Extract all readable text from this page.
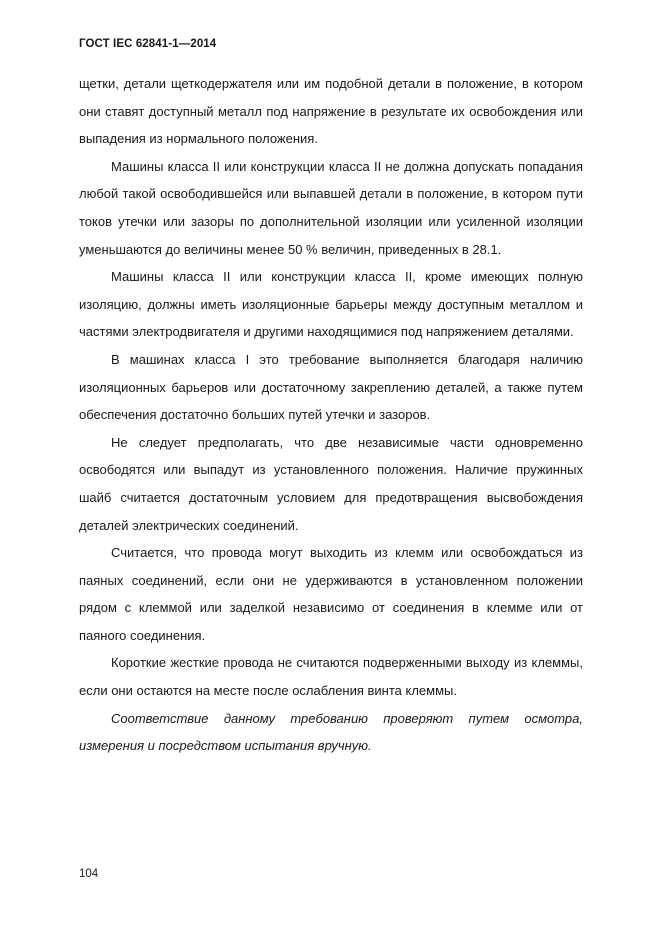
ГОСТ IEC 62841-1—2014

щетки, детали щеткодержателя или им подобной детали в положение, в котором они ставят доступный металл под напряжение в результате их освобождения или выпадения из нормального положения.

Машины класса II или конструкции класса II не должна допускать попадания любой такой освободившейся или выпавшей детали в положение, в котором пути токов утечки или зазоры по дополнительной изоляции или усиленной изоляции уменьшаются до величины менее 50 % величин, приведенных в 28.1.

Машины класса II или конструкции класса II, кроме имеющих полную изоляцию, должны иметь изоляционные барьеры между доступным металлом и частями электродвигателя и другими находящимися под напряжением деталями.

В машинах класса I это требование выполняется благодаря наличию изоляционных барьеров или достаточному закреплению деталей, а также путем обеспечения достаточно больших путей утечки и зазоров.

Не следует предполагать, что две независимые части одновременно освободятся или выпадут из установленного положения. Наличие пружинных шайб считается достаточным условием для предотвращения высвобождения деталей электрических соединений.

Считается, что провода могут выходить из клемм или освобождаться из паяных соединений, если они не удерживаются в установленном положении рядом с клеммой или заделкой независимо от соединения в клемме или от паяного соединения.

Короткие жесткие провода не считаются подверженными выходу из клеммы, если они остаются на месте после ослабления винта клеммы.

Соответствие данному требованию проверяют путем осмотра, измерения и посредством испытания вручную.

104
